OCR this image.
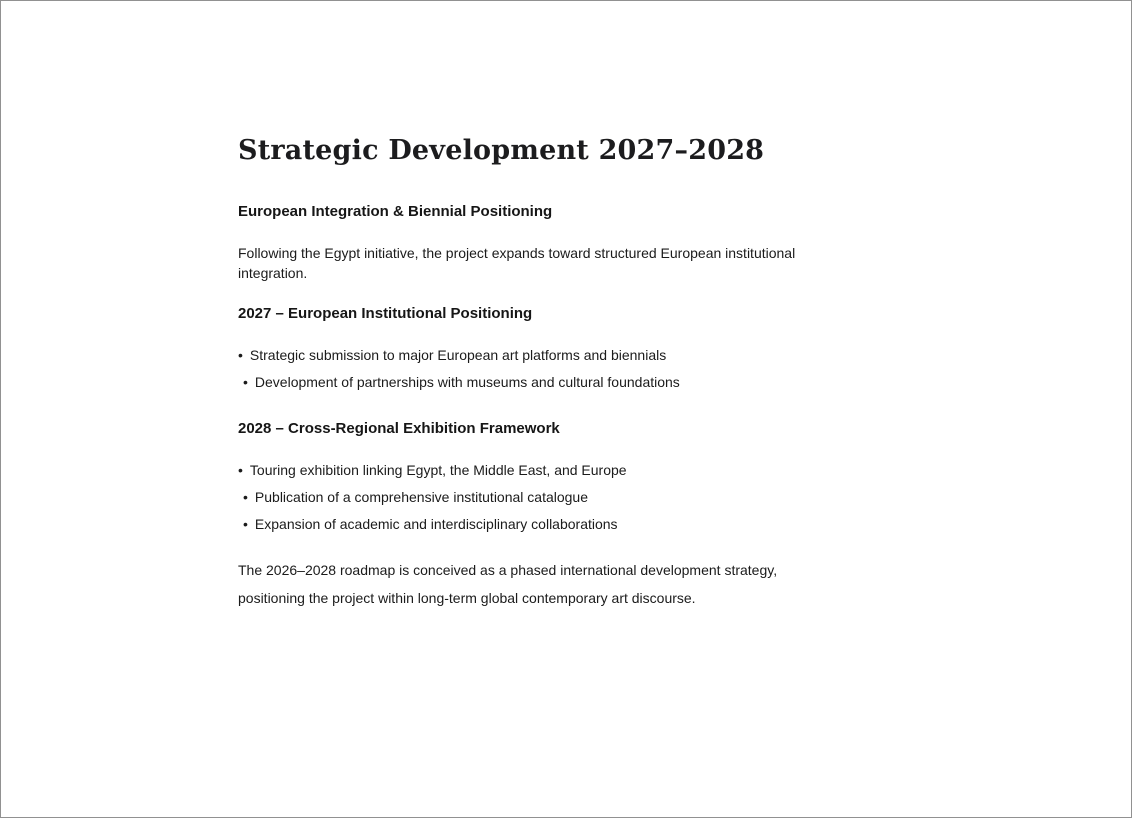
Strategic Development 2027–2028
European Integration & Biennial Positioning

Following the Egypt initiative, the project expands toward structured European institutional integration.

2027 – European Institutional Positioning

• Strategic submission to major European art platforms and biennials

• Development of partnerships with museums and cultural foundations

2028 – Cross-Regional Exhibition Framework

• Touring exhibition linking Egypt, the Middle East, and Europe

• Publication of a comprehensive institutional catalogue

• Expansion of academic and interdisciplinary collaborations

The 2026–2028 roadmap is conceived as a phased international development strategy,
positioning the project within long-term global contemporary art discourse.
